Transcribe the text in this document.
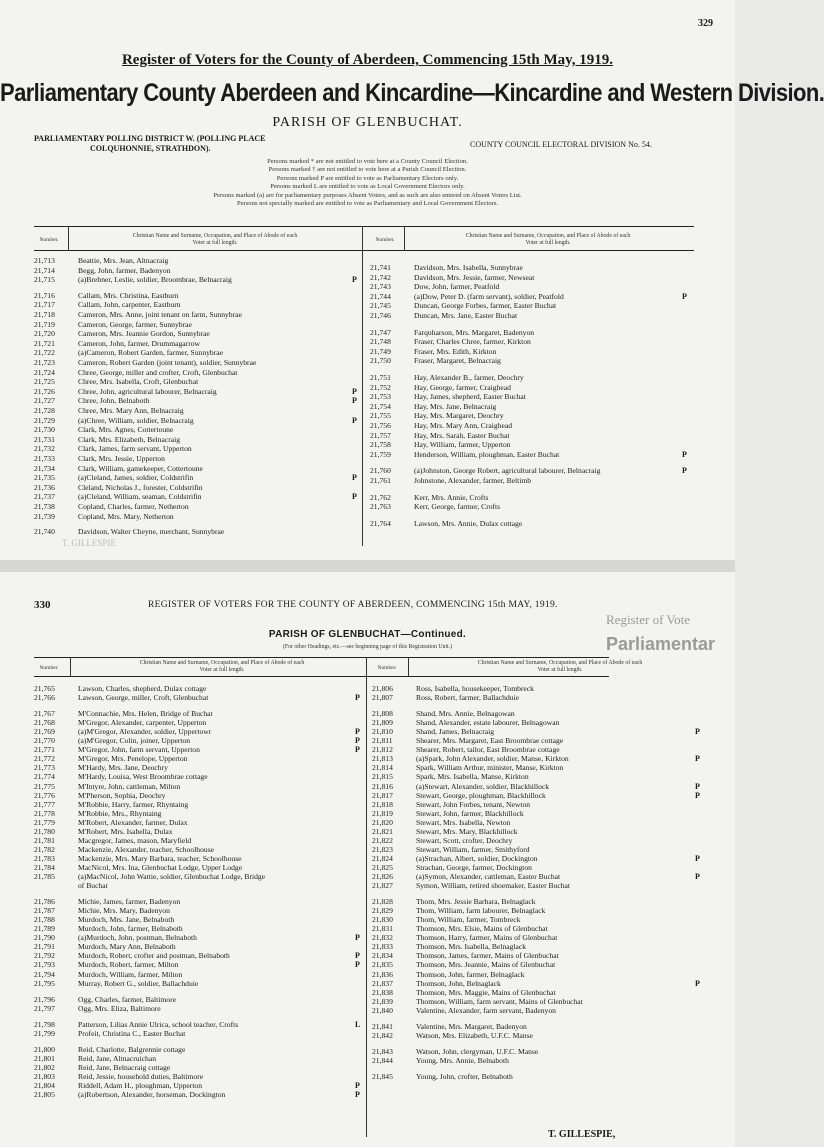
329
Register of Voters for the County of Aberdeen, Commencing 15th May, 1919.
Parliamentary County Aberdeen and Kincardine—Kincardine and Western Division.
PARISH OF GLENBUCHAT.
PARLIAMENTARY POLLING DISTRICT W. (POLLING PLACE
COLQUHONNIE, STRATHDON).	COUNTY COUNCIL ELECTORAL DIVISION No. 54.
Persons marked * are not entitled to vote here at a County Council Election.
Persons marked † are not entitled to vote here at a Parish Council Election.
Persons marked P are entitled to vote as Parliamentary Electors only.
Persons marked L are entitled to vote as Local Government Electors only.
Persons marked (a) are for parliamentary purposes Absent Voters, and as such are also entered on Absent Voters List.
Persons not specially marked are entitled to vote as Parliamentary and Local Government Electors.
Number.
Christian Name and Surname, Occupation, and Place of Abode of each
Voter at full length.	Number.
Christian Name and Surname, Occupation, and Place of Abode of each
Voter at full length.
21,713	Beattie, Mrs. Jean, Altnacraig
21,714	Begg, John, farmer, Badenyon
21,715	(a)Brebner, Leslie, soldier, Broombrae, Belnacraig	P
21,716	Callam, Mrs. Christina, Eastburn
21,717	Callam, John, carpenter, Eastburn
21,718	Cameron, Mrs. Anne, joint tenant on farm, Sunnybrae
21,719	Cameron, George, farmer, Sunnybrae
21,720	Cameron, Mrs. Jeannie Gordon, Sunnybrae
21,721	Cameron, John, farmer, Drummagarrow
21,722	(a)Cameron, Robert Garden, farmer, Sunnybrae
21,723	Cameron, Robert Garden (joint tenant), soldier, Sunnybrae
21,724	Chree, George, miller and crofter, Croft, Glenbuchat
21,725	Chree, Mrs. Isabella, Croft, Glenbuchat
21,726	Chree, John, agricultural labourer, Belnacraig	P
21,727	Chree, John, Belnaboth	P
21,728	Chree, Mrs. Mary Ann, Belnacraig
21,729	(a)Chree, William, soldier, Belnacraig	P
21,730	Clark, Mrs. Agnes, Cottertoune
21,731	Clark, Mrs. Elizabeth, Belnacraig
21,732	Clark, James, farm servant, Upperton
21,733	Clark, Mrs. Jessie, Upperton
21,734	Clark, William, gamekeeper, Cottertoune
21,735	(a)Cleland, James, soldier, Coldstrifin	P
21,736	Cleland, Nicholas J., forester, Coldstrifin
21,737	(a)Cleland, William, seaman, Coldstrifin	P
21,738	Copland, Charles, farmer, Netherton
21,739	Copland, Mrs. Mary, Netherton
21,740	Davidson, Walter Cheyne, merchant, Sunnybrae
21,741	Davidson, Mrs. Isabella, Sunnybrae
21,742	Davidson, Mrs. Jessie, farmer, Newseat
21,743	Dow, John, farmer, Peatfold
21,744	(a)Dow, Peter D. (farm servant), soldier, Peatfold	P
21,745	Duncan, George Forbes, farmer, Easter Buchat
21,746	Duncan, Mrs. Jane, Easter Buchat
21,747	Farquharson, Mrs. Margaret, Badenyon
21,748	Fraser, Charles Chree, farmer, Kirkton
21,749	Fraser, Mrs. Edith, Kirkton
21,750	Fraser, Margaret, Belnacraig
21,751	Hay, Alexander B., farmer, Deochry
21,752	Hay, George, farmer, Craighead
21,753	Hay, James, shepherd, Easter Buchat
21,754	Hay, Mrs. Jane, Belnacraig
21,755	Hay, Mrs. Margaret, Deochry
21,756	Hay, Mrs. Mary Ann, Craighead
21,757	Hay, Mrs. Sarah, Easter Buchat
21,758	Hay, William, farmer, Upperton
21,759	Henderson, William, ploughman, Easter Buchat	P
21,760	(a)Johnston, George Robert, agricultural labourer, Belnacraig	P
21,761	Johnstone, Alexander, farmer, Beltimb
21,762	Kerr, Mrs. Annie, Crofts
21,763	Kerr, George, farmer, Crofts
21,764	Lawson, Mrs. Annie, Dulax cottage
T. GILLESPIE
330	REGISTER OF VOTERS FOR THE COUNTY OF ABERDEEN, COMMENCING 15th MAY, 1919.
Register of Vote
Parliamentar
PARISH OF GLENBUCHAT—Continued.
(For other Headings, etc.—see beginning page of this Registration Unit.)
Number.
Christian Name and Surname, Occupation, and Place of Abode of each
Voter at full length.	Number.
Christian Name and Surname, Occupation, and Place of Abode of each
Voter at full length.
21,765	Lawson, Charles, shepherd, Dulax cottage
21,766	Lawson, George, miller, Croft, Glenbuchat	P
21,767	M'Connachie, Mrs. Helen, Bridge of Buchat
21,768	M'Gregor, Alexander, carpenter, Upperton
21,769	(a)M'Gregor, Alexander, soldier, Uppertowr	P
21,770	(a)M'Gregor, Colin, joiner, Upperton	P
21,771	M'Gregor, John, farm servant, Upperton	P
21,772	M'Gregor, Mrs. Penelope, Upperton
21,773	M'Hardy, Mrs. Jane, Deochry
21,774	M'Hardy, Louisa, West Broombrae cottage
21,775	M'Intyre, John, cattleman, Milton
21,776	M'Pherson, Sophia, Deochry
21,777	M'Robbie, Harry, farmer, Rhyntaing
21,778	M'Robbie, Mrs., Rhyntaing
21,779	M'Robert, Alexander, farmer, Dulax
21,780	M'Robert, Mrs. Isabella, Dulax
21,781	Macgregor, James, mason, Maryfield
21,782	Mackenzie, Alexander, teacher, Schoolhouse
21,783	Mackenzie, Mrs. Mary Barbara, teacher, Schoolhouse
21,784	MacNicol, Mrs. Ina, Glenbuchat Lodge, Upper Lodge
21,785	(a)MacNicol, John Wattie, soldier, Glenbuchat Lodge, Bridge
of Buchat
21,786	Michie, James, farmer, Badenyon
21,787	Michie, Mrs. Mary, Badenyon
21,788	Murdoch, Mrs. Jane, Belnaboth
21,789	Murdoch, John, farmer, Belnaboth
21,790	(a)Murdoch, John, postman, Belnaboth	P
21,791	Murdoch, Mary Ann, Belnaboth
21,792	Murdoch, Robert, crofter and postman, Belnaboth	P
21,793	Murdoch, Robert, farmer, Milton	P
21,794	Murdoch, William, farmer, Milton
21,795	Murray, Robert G., soldier, Ballachduie
21,796	Ogg, Charles, farmer, Baltimore
21,797	Ogg, Mrs. Eliza, Baltimore
21,798	Patterson, Lilias Annie Ulrica, school teacher, Crofts	L
21,799	Profeit, Christina C., Easter Buchat
21,800	Reid, Charlotte, Balgrennie cottage
21,801	Reid, Jane, Altnacruichan
21,802	Reid, Jane, Belnacraig cottage
21,803	Reid, Jessie, household duties, Baltimore
21,804	Riddell, Adam H., ploughman, Upperton	P
21,805	(a)Robertson, Alexander, horseman, Dockington	P
21,806	Ross, Isabella, housekeeper, Tombreck
21,807	Ross, Robert, farmer, Ballachduie
21,808	Shand, Mrs. Annie, Belnagowan
21,809	Shand, Alexander, estate labourer, Belnagowan
21,810	Shand, James, Belnacraig	P
21,811	Shearer, Mrs. Margaret, East Broombrae cottage
21,812	Shearer, Robert, tailor, East Broombrae cottage
21,813	(a)Spark, John Alexander, soldier, Manse, Kirkton	P
21,814	Spark, William Arthur, minister, Manse, Kirkton
21,815	Spark, Mrs. Isabella, Manse, Kirkton
21,816	(a)Stewart, Alexander, soldier, Blackhillock	P
21,817	Stewart, George, ploughman, Blackhillock	P
21,818	Stewart, John Forbes, tenant, Newton
21,819	Stewart, John, farmer, Blackhillock
21,820	Stewart, Mrs. Isabella, Newton
21,821	Stewart, Mrs. Mary, Blackhillock
21,822	Stewart, Scott, crofter, Deochry
21,823	Stewart, William, farmer, Smithyford
21,824	(a)Strachan, Albert, soldier, Dockington	P
21,825	Strachan, George, farmer, Dockington
21,826	(a)Symon, Alexander, cattleman, Easter Buchat	P
21,827	Symon, William, retired shoemaker, Easter Buchat
21,828	Thom, Mrs. Jessie Barbara, Belnaglack
21,829	Thom, William, farm labourer, Belnaglack
21,830	Thom, William, farmer, Tombreck
21,831	Thomson, Mrs. Elsie, Mains of Glenbuchat
21,832	Thomson, Harry, farmer, Mains of Glenbuchat
21,833	Thomson, Mrs. Isabella, Belnaglack
21,834	Thomson, James, farmer, Mains of Glenbuchat
21,835	Thomson, Mrs. Jeannie, Mains of Glenbuchat
21,836	Thomson, John, farmer, Belnaglack
21,837	Thomson, John, Belnaglack	P
21,838	Thomson, Mrs. Maggie, Mains of Glenbuchat
21,839	Thomson, William, farm servant, Mains of Glenbuchat
21,840	Valentine, Alexander, farm servant, Badenyon
21,841	Valentine, Mrs. Margaret, Badenyon
21,842	Watson, Mrs. Elizabeth, U.F.C. Manse
21,843	Watson, John, clergyman, U.F.C. Manse
21,844	Young, Mrs. Annie, Belnaboth
21,845	Young, John, crofter, Belnaboth
T. GILLESPIE,
